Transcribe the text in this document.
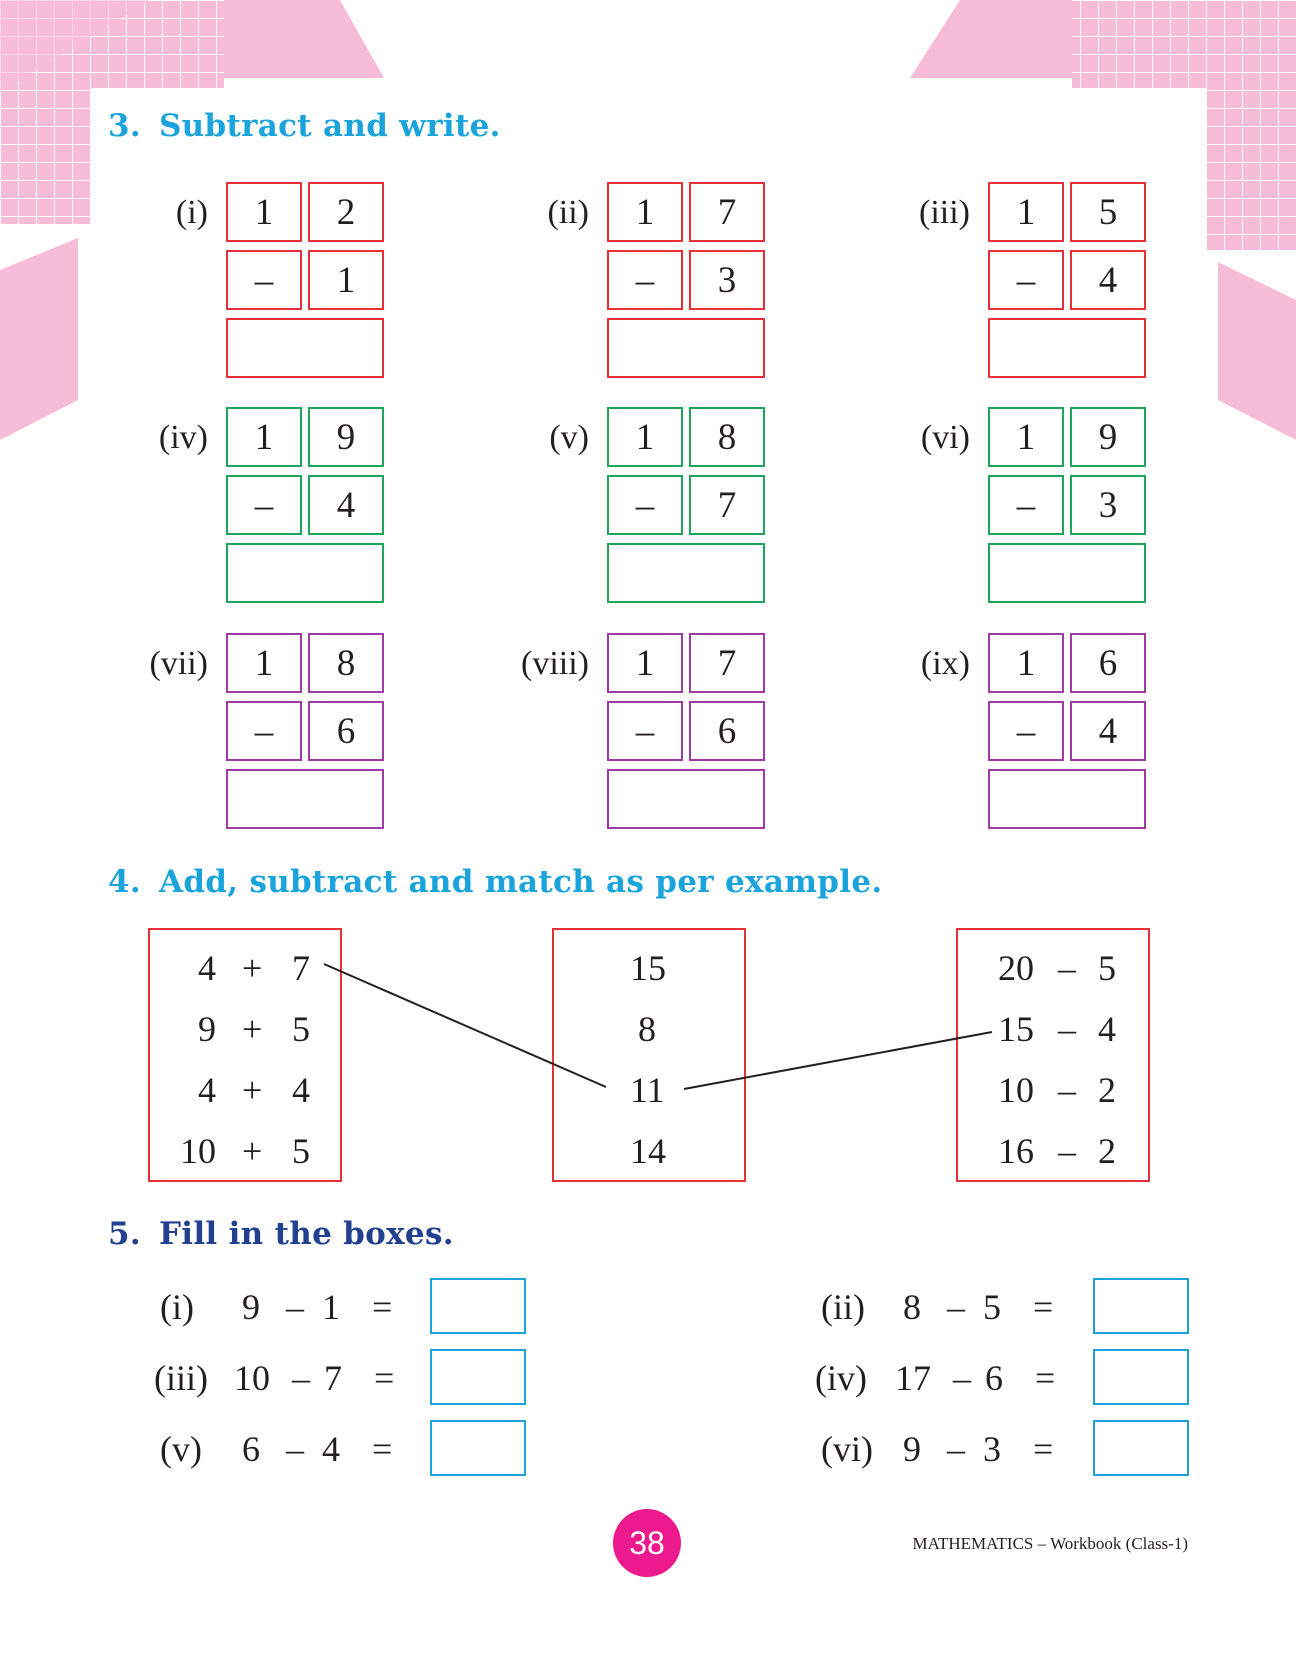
3. Subtract and write.
(i)	1	2
–	1
(ii)	1	7
–	3
(iii)	1	5
–	4
(iv)	1	9
–	4
(v)	1	8
–	7
(vi)	1	9
–	3
(vii)	1	8
–	6
(viii)	1	7
–	6
(ix)	1	6
–	4
4. Add, subtract and match as per example.
4 + 7
9 + 5
4 + 4
10 + 5
15
8
11
14
20 – 5
15 – 4
10 – 2
16 – 2
5. Fill in the boxes.
(i) 9 – 1 =	(ii) 8 – 5 =
(iii) 10 – 7 =	(iv) 17 – 6 =
(v) 6 – 4 =	(vi) 9 – 3 =
38	MATHEMATICS – Workbook (Class-1)
